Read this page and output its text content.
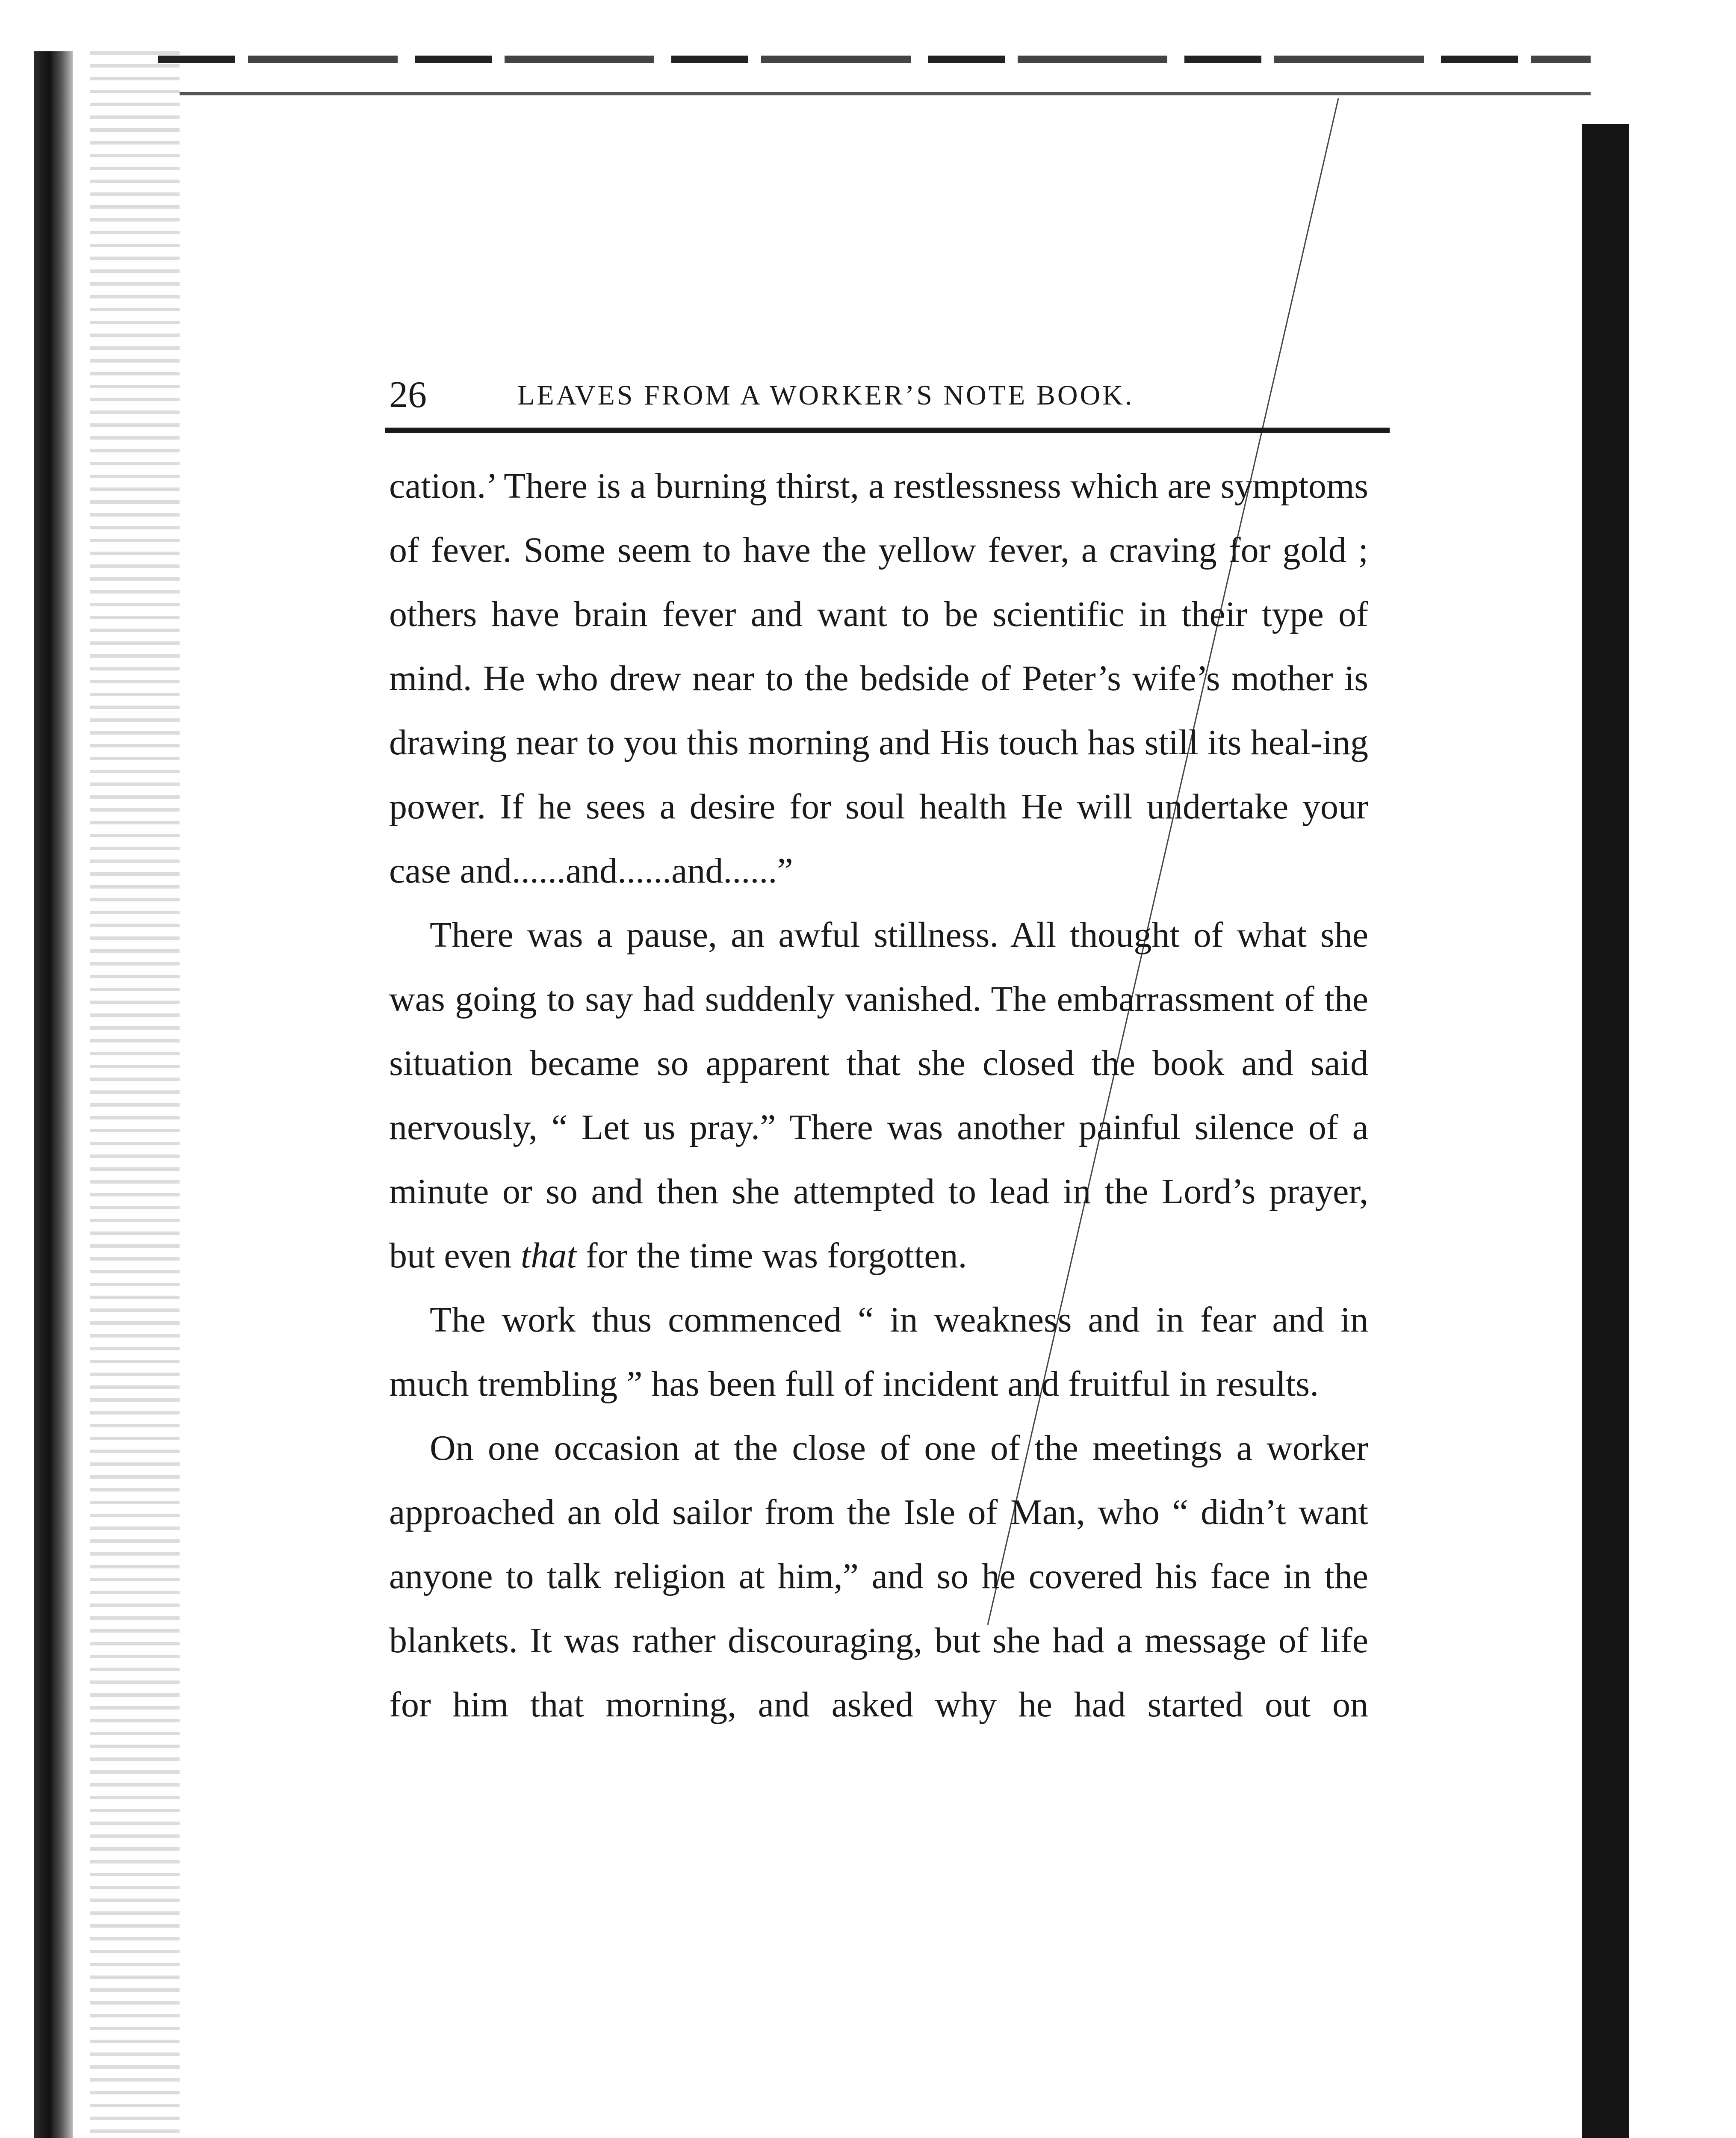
26	LEAVES FROM A WORKER’S NOTE BOOK.

cation.’ There is a burning thirst, a restlessness which are symptoms of fever. Some seem to have the yellow fever, a craving for gold ; others have brain fever and want to be scientific in their type of mind. He who drew near to the bedside of Peter’s wife’s mother is drawing near to you this morning and His touch has still its heal-ing power. If he sees a desire for soul health He will undertake your case and......and......and......”

There was a pause, an awful stillness. All thought of what she was going to say had suddenly vanished. The embarrassment of the situation became so apparent that she closed the book and said nervously, “ Let us pray.” There was another painful silence of a minute or so and then she attempted to lead in the Lord’s prayer, but even that for the time was forgotten.

The work thus commenced “ in weakness and in fear and in much trembling ” has been full of incident and fruitful in results.

On one occasion at the close of one of the meetings a worker approached an old sailor from the Isle of Man, who “ didn’t want anyone to talk religion at him,” and so he covered his face in the blankets. It was rather discouraging, but she had a message of life for him that morning, and asked why he had started out on
